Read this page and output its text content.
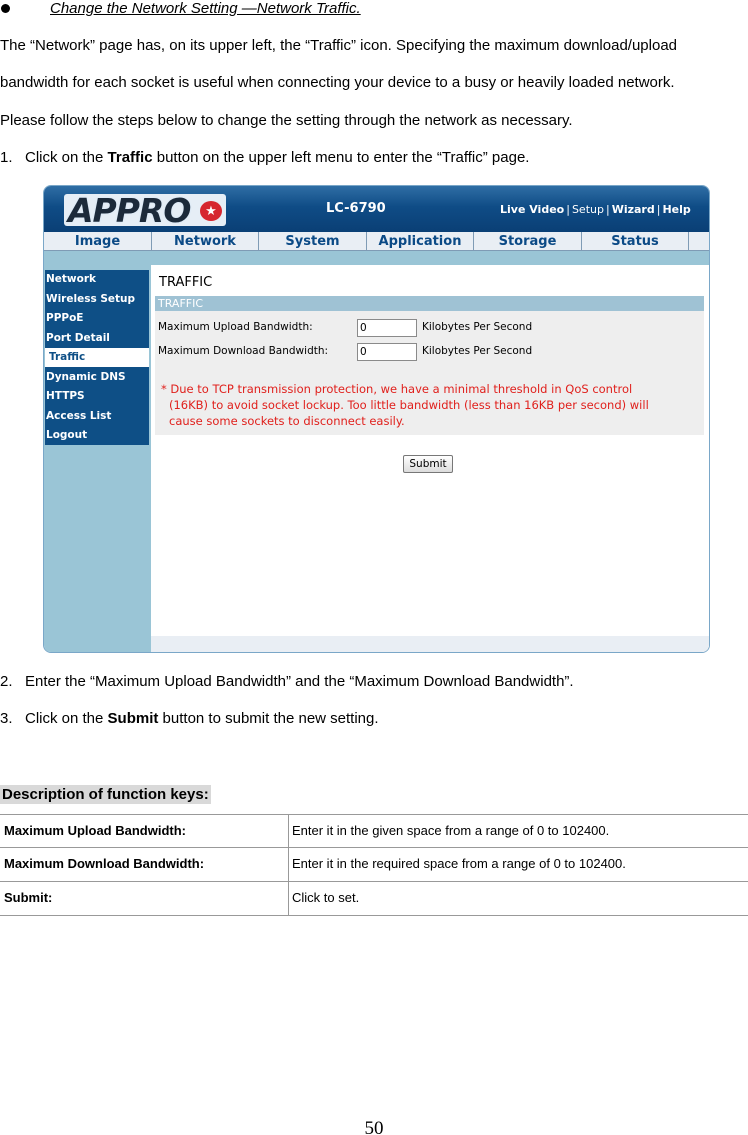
Change the Network Setting —Network Traffic.
The “Network” page has, on its upper left, the “Traffic” icon. Specifying the maximum download/upload
bandwidth for each socket is useful when connecting your device to a busy or heavily loaded network.
Please follow the steps below to change the setting through the network as necessary.
1. Click on the Traffic button on the upper left menu to enter the “Traffic” page.
APPRO	★	LC-6790	Live Video | Setup | Wizard | Help
Image	Network	System	Application	Storage	Status
Network
Wireless Setup
PPPoE
Port Detail
Traffic
Dynamic DNS
HTTPS
Access List
Logout
TRAFFIC
TRAFFIC
Maximum Upload Bandwidth:	0	Kilobytes Per Second
Maximum Download Bandwidth:	0	Kilobytes Per Second
* Due to TCP transmission protection, we have a minimal threshold in QoS control
(16KB) to avoid socket lockup. Too little bandwidth (less than 16KB per second) will
cause some sockets to disconnect easily.
Submit
2. Enter the “Maximum Upload Bandwidth” and the “Maximum Download Bandwidth”.
3. Click on the Submit button to submit the new setting.
Description of function keys:
Maximum Upload Bandwidth:	Enter it in the given space from a range of 0 to 102400.
Maximum Download Bandwidth:	Enter it in the required space from a range of 0 to 102400.
Submit:	Click to set.
50
